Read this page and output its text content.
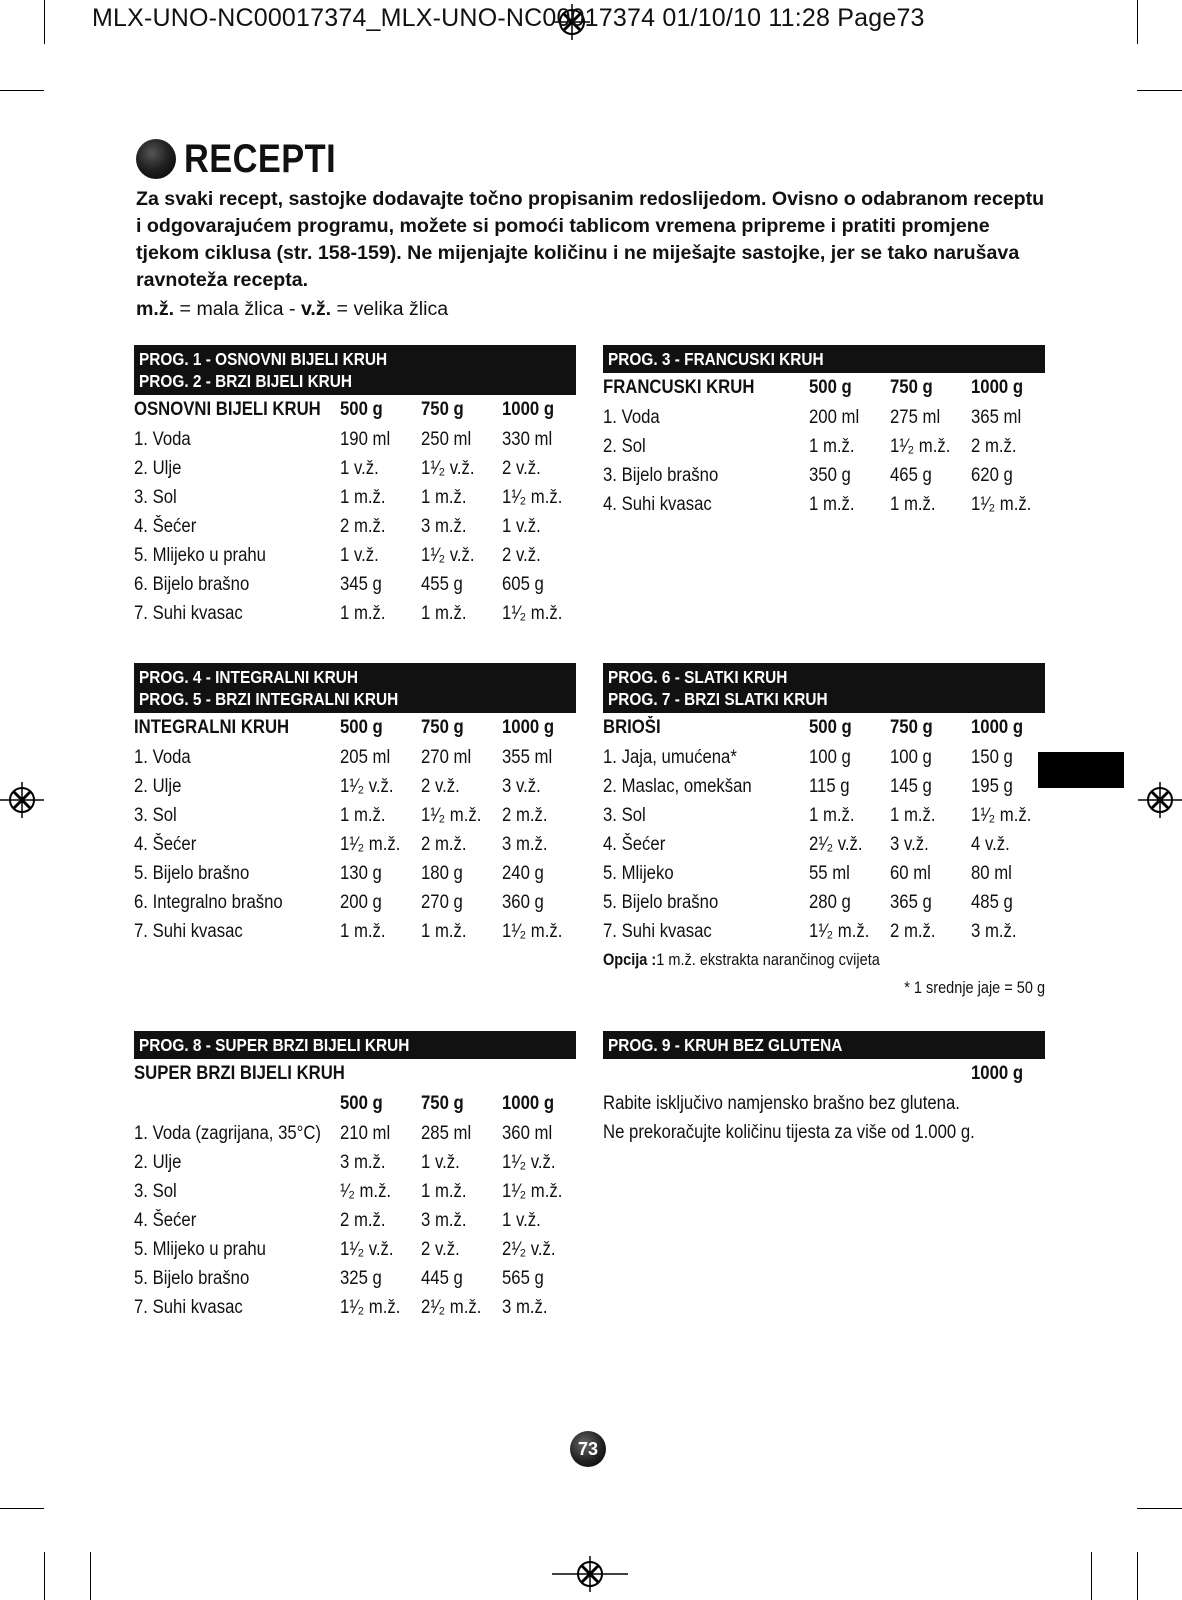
MLX-UNO-NC00017374_MLX-UNO-NC00017374 01/10/10 11:28 Page73
RECEPTI
Za svaki recept, sastojke dodavajte točno propisanim redoslijedom. Ovisno o odabranom receptu i odgovarajućem programu, možete si pomoći tablicom vremena pripreme i pratiti promjene tjekom ciklusa (str. 158-159). Ne mijenjajte količinu i ne miješajte sastojke, jer se tako narušava ravnoteža recepta.
m.ž. = mala žlica - v.ž. = velika žlica
PROG. 1 - OSNOVNI BIJELI KRUH
PROG. 2 - BRZI BIJELI KRUH
OSNOVNI BIJELI KRUH 500 g 750 g 1000 g
1. Voda	190 ml 250 ml 330 ml
2. Ulje	1 v.ž. 1¹⁄₂ v.ž. 2 v.ž.
3. Sol	1 m.ž. 1 m.ž. 1¹⁄₂ m.ž.
4. Šećer	2 m.ž. 3 m.ž. 1 v.ž.
5. Mlijeko u prahu	1 v.ž. 1¹⁄₂ v.ž. 2 v.ž.
6. Bijelo brašno	345 g 455 g 605 g
7. Suhi kvasac	1 m.ž. 1 m.ž. 1¹⁄₂ m.ž.
PROG. 3 - FRANCUSKI KRUH
FRANCUSKI KRUH	500 g 750 g 1000 g
1. Voda	200 ml 275 ml 365 ml
2. Sol	1 m.ž. 1¹⁄₂ m.ž. 2 m.ž.
3. Bijelo brašno	350 g 465 g 620 g
4. Suhi kvasac	1 m.ž. 1 m.ž. 1¹⁄₂ m.ž.
PROG. 4 - INTEGRALNI KRUH
PROG. 5 - BRZI INTEGRALNI KRUH
INTEGRALNI KRUH	500 g 750 g 1000 g
1. Voda	205 ml 270 ml 355 ml
2. Ulje	1¹⁄₂ v.ž. 2 v.ž. 3 v.ž.
3. Sol	1 m.ž. 1¹⁄₂ m.ž. 2 m.ž.
4. Šećer	1¹⁄₂ m.ž. 2 m.ž. 3 m.ž.
5. Bijelo brašno	130 g 180 g 240 g
6. Integralno brašno	200 g 270 g 360 g
7. Suhi kvasac	1 m.ž. 1 m.ž. 1¹⁄₂ m.ž.
PROG. 6 - SLATKI KRUH
PROG. 7 - BRZI SLATKI KRUH
BRIOŠI	500 g 750 g 1000 g
1. Jaja, umućena*	100 g 100 g 150 g
2. Maslac, omekšan	115 g 145 g 195 g
3. Sol	1 m.ž. 1 m.ž. 1¹⁄₂ m.ž.
4. Šećer	2¹⁄₂ v.ž. 3 v.ž. 4 v.ž.
5. Mlijeko	55 ml 60 ml 80 ml
5. Bijelo brašno	280 g 365 g 485 g
7. Suhi kvasac	1¹⁄₂ m.ž. 2 m.ž. 3 m.ž.
Opcija :1 m.ž. ekstrakta narančinog cvijeta
* 1 srednje jaje = 50 g
PROG. 8 - SUPER BRZI BIJELI KRUH
SUPER BRZI BIJELI KRUH
500 g 750 g 1000 g
1. Voda (zagrijana, 35°C) 210 ml 285 ml 360 ml
2. Ulje	3 m.ž. 1 v.ž. 1¹⁄₂ v.ž.
3. Sol	¹⁄₂ m.ž. 1 m.ž. 1¹⁄₂ m.ž.
4. Šećer	2 m.ž. 3 m.ž. 1 v.ž.
5. Mlijeko u prahu	1¹⁄₂ v.ž. 2 v.ž. 2¹⁄₂ v.ž.
5. Bijelo brašno	325 g 445 g 565 g
7. Suhi kvasac	1¹⁄₂ m.ž. 2¹⁄₂ m.ž. 3 m.ž.
PROG. 9 - KRUH BEZ GLUTENA
1000 g
Rabite isključivo namjensko brašno bez glutena.
Ne prekoračujte količinu tijesta za više od 1.000 g.
73
